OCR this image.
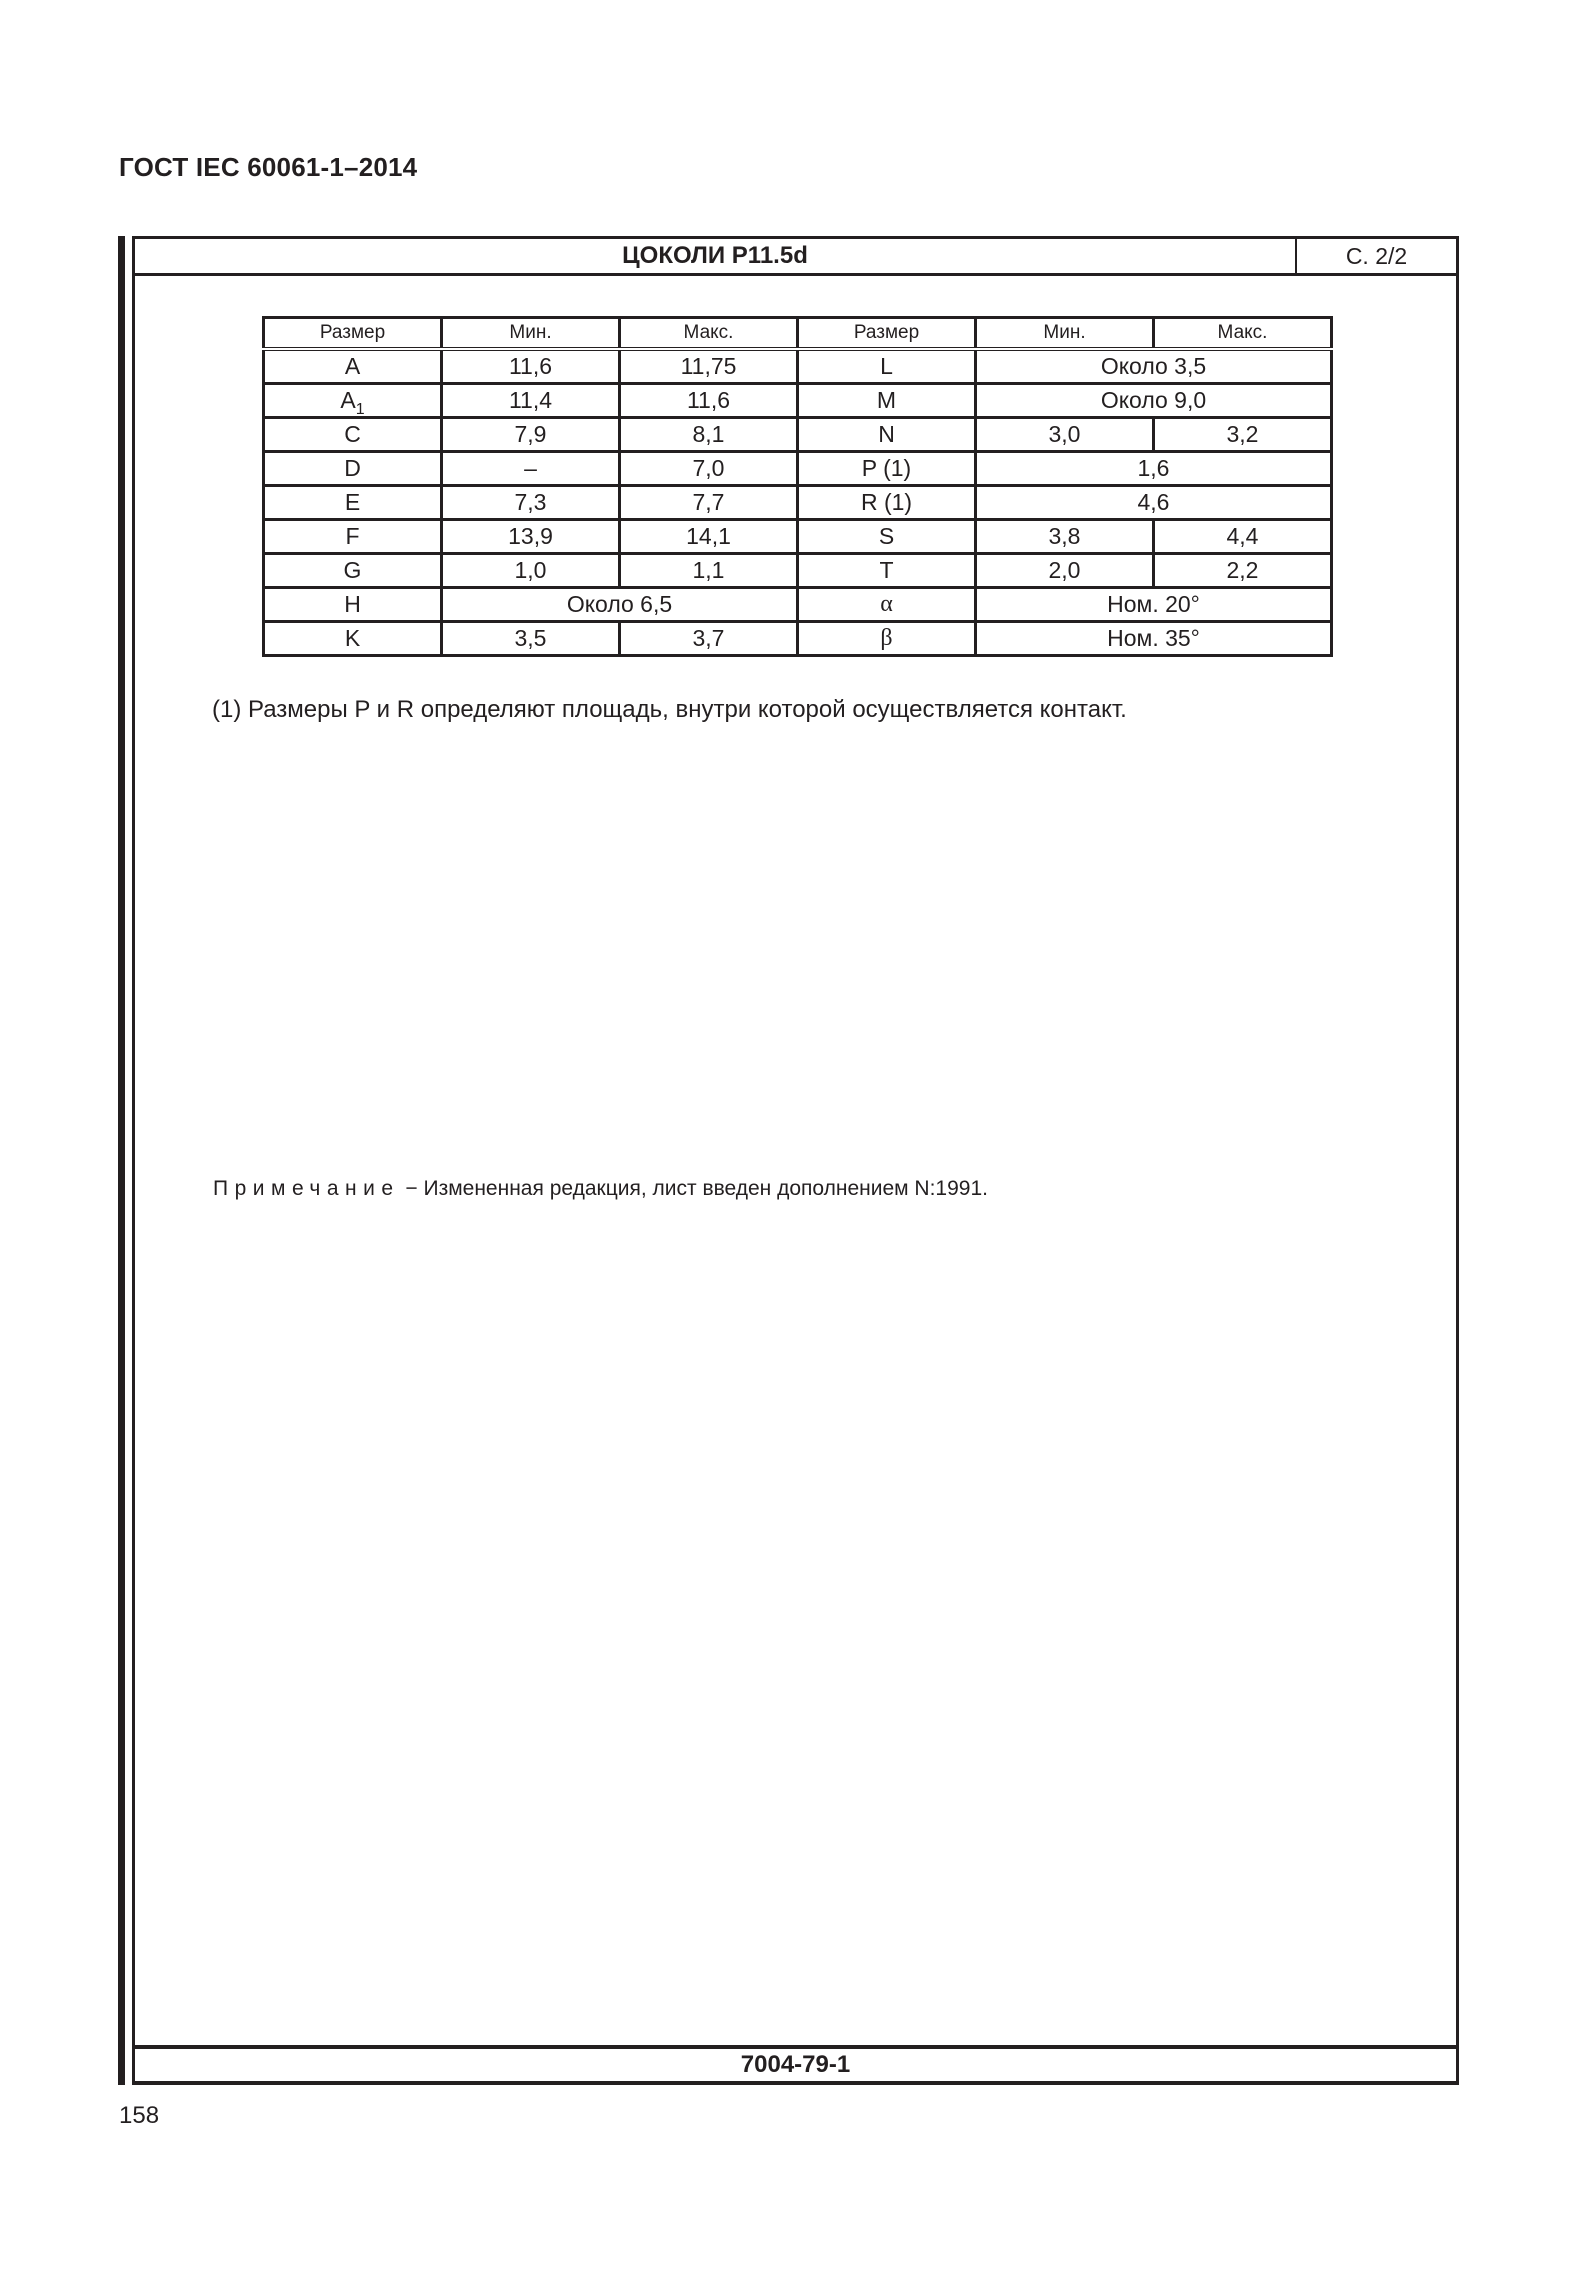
ГОСТ IEC 60061-1–2014
ЦОКОЛИ P11.5d	С. 2/2
7004-79-1
Размер	Мин.	Макс.	Размер	Мин.	Макс.
A	11,6	11,75	L	Около 3,5	
$A_1$	11,4	11,6	M	Около 9,0	
C	7,9	8,1	N	3,0	3,2
D	–	7,0	P (1)	1,6	
E	7,3	7,7	R (1)	4,6	
F	13,9	14,1	S	3,8	4,4
G	1,0	1,1	T	2,0	2,2
H	Около 6,5		α	Ном. 20°	
K	3,5	3,7	β	Ном. 35°	
(1) Размеры P и R определяют площадь, внутри которой осуществляется контакт.
Примечание − Измененная редакция, лист введен дополнением N:1991.
158
